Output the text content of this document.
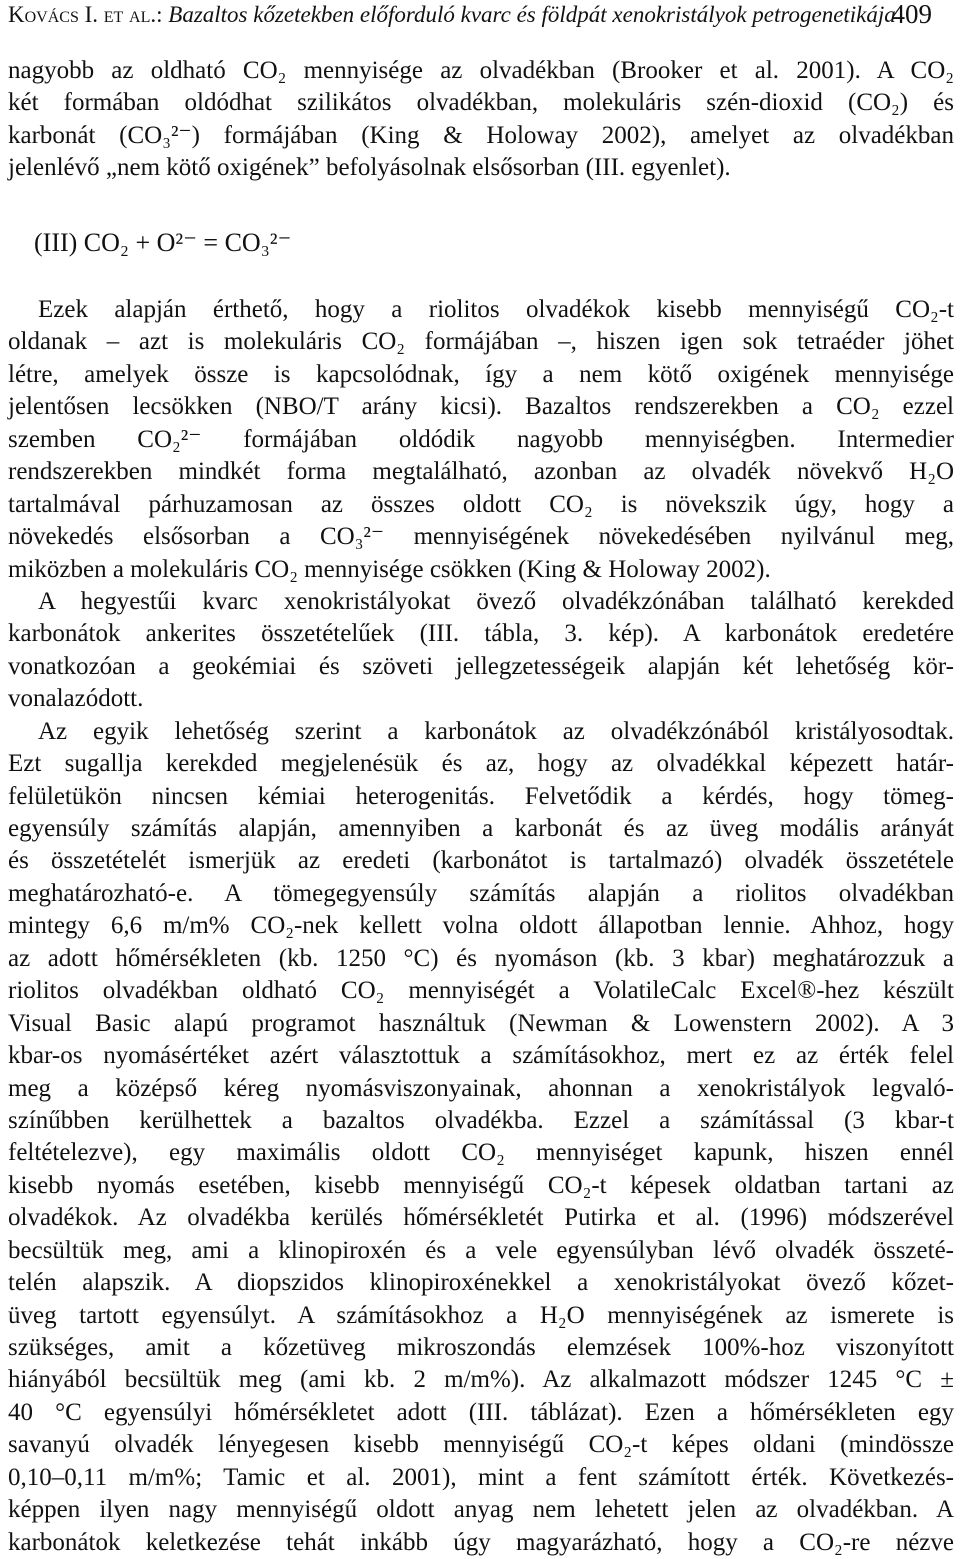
Kovács I. et al.: Bazaltos kőzetekben előforduló kvarc és földpát xenokristályok petrogenetikája
409
nagyobb az oldható CO₂ mennyisége az olvadékban (Brooker et al. 2001). A CO₂
két formában oldódhat szilikátos olvadékban, molekuláris szén-dioxid (CO₂) és
karbonát (CO₃²⁻) formájában (King & Holoway 2002), amelyet az olvadékban
jelenlévő „nem kötő oxigének” befolyásolnak elsősorban (III. egyenlet).
(III) CO₂ + O²⁻ = CO₃²⁻
Ezek alapján érthető, hogy a riolitos olvadékok kisebb mennyiségű CO₂-t
oldanak – azt is molekuláris CO₂ formájában –, hiszen igen sok tetraéder jöhet
létre, amelyek össze is kapcsolódnak, így a nem kötő oxigének mennyisége
jelentősen lecsökken (NBO/T arány kicsi). Bazaltos rendszerekben a CO₂ ezzel
szemben CO₂²⁻ formájában oldódik nagyobb mennyiségben. Intermedier
rendszerekben mindkét forma megtalálható, azonban az olvadék növekvő H₂O
tartalmával párhuzamosan az összes oldott CO₂ is növekszik úgy, hogy a
növekedés elsősorban a CO₃²⁻ mennyiségének növekedésében nyilvánul meg,
miközben a molekuláris CO₂ mennyisége csökken (King & Holoway 2002).
A hegyestűi kvarc xenokristályokat övező olvadékzónában található kerekded
karbonátok ankerites összetételűek (III. tábla, 3. kép). A karbonátok eredetére
vonatkozóan a geokémiai és szöveti jellegzetességeik alapján két lehetőség kör-
vonalazódott.
Az egyik lehetőség szerint a karbonátok az olvadékzónából kristályosodtak.
Ezt sugallja kerekded megjelenésük és az, hogy az olvadékkal képezett határ-
felületükön nincsen kémiai heterogenitás. Felvetődik a kérdés, hogy tömeg-
egyensúly számítás alapján, amennyiben a karbonát és az üveg modális arányát
és összetételét ismerjük az eredeti (karbonátot is tartalmazó) olvadék összetétele
meghatározható-e. A tömegegyensúly számítás alapján a riolitos olvadékban
mintegy 6,6 m/m% CO₂-nek kellett volna oldott állapotban lennie. Ahhoz, hogy
az adott hőmérsékleten (kb. 1250 °C) és nyomáson (kb. 3 kbar) meghatározzuk a
riolitos olvadékban oldható CO₂ mennyiségét a VolatileCalc Excel®-hez készült
Visual Basic alapú programot használtuk (Newman & Lowenstern 2002). A 3
kbar-os nyomásértéket azért választottuk a számításokhoz, mert ez az érték felel
meg a középső kéreg nyomásviszonyainak, ahonnan a xenokristályok legvaló-
színűbben kerülhettek a bazaltos olvadékba. Ezzel a számítással (3 kbar-t
feltételezve), egy maximális oldott CO₂ mennyiséget kapunk, hiszen ennél
kisebb nyomás esetében, kisebb mennyiségű CO₂-t képesek oldatban tartani az
olvadékok. Az olvadékba kerülés hőmérsékletét Putirka et al. (1996) módszerével
becsültük meg, ami a klinopiroxén és a vele egyensúlyban lévő olvadék összeté-
telén alapszik. A diopszidos klinopiroxénekkel a xenokristályokat övező kőzet-
üveg tartott egyensúlyt. A számításokhoz a H₂O mennyiségének az ismerete is
szükséges, amit a kőzetüveg mikroszondás elemzések 100%-hoz viszonyított
hiányából becsültük meg (ami kb. 2 m/m%). Az alkalmazott módszer 1245 °C ±
40 °C egyensúlyi hőmérsékletet adott (III. táblázat). Ezen a hőmérsékleten egy
savanyú olvadék lényegesen kisebb mennyiségű CO₂-t képes oldani (mindössze
0,10–0,11 m/m%; Tamic et al. 2001), mint a fent számított érték. Következés-
képpen ilyen nagy mennyiségű oldott anyag nem lehetett jelen az olvadékban. A
karbonátok keletkezése tehát inkább úgy magyarázható, hogy a CO₂-re nézve
